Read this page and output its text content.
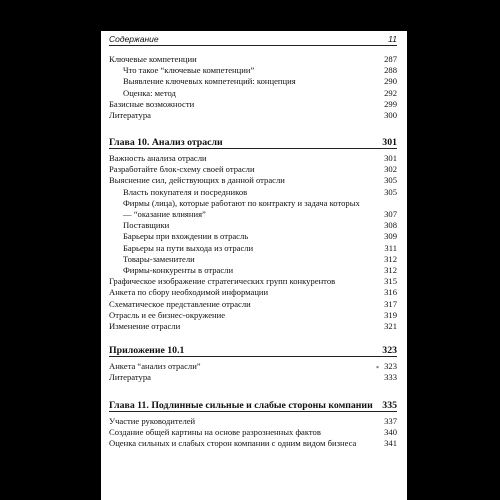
Содержание	11
Ключевые компетенции	287
Что такое “ключевые компетенции”	288
Выявление ключевых компетенций: концепция	290
Оценка: метод	292
Базисные возможности	299
Литература	300
Глава 10. Анализ отрасли	301
Важность анализа отрасли	301
Разработайте блок-схему своей отрасли	302
Выяснение сил, действующих в данной отрасли	305
Власть покупателя и посредников	305
Фирмы (лица), которые работают по контракту и задача которых — “оказание влияния”	307
Поставщики	308
Барьеры при вхождении в отрасль	309
Барьеры на пути выхода из отрасли	311
Товары-заменители	312
Фирмы-конкуренты в отрасли	312
Графическое изображение стратегических групп конкурентов	315
Анкета по сбору необходимой информации	316
Схематическое представление отрасли	317
Отрасль и ее бизнес-окружение	319
Изменение отрасли	321
Приложение 10.1	323
Анкета “анализ отрасли”	$_*$ 323
Литература	333
Глава 11. Подлинные сильные и слабые стороны компании 335
Участие руководителей	337
Создание общей картины на основе разрозненных фактов	340
Оценка сильных и слабых сторон компании с одним видом бизнеса	341
